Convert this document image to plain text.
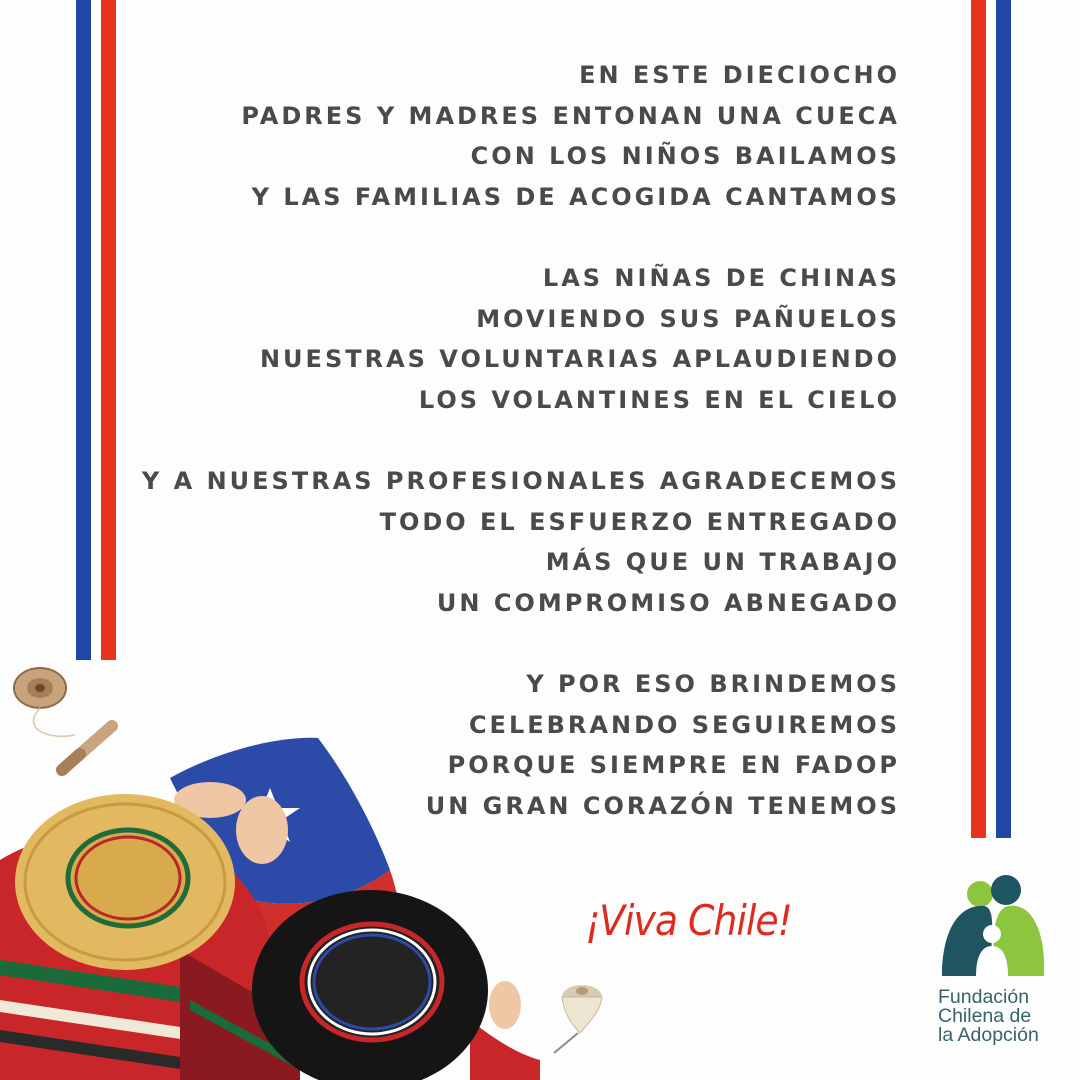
EN ESTE DIECIOCHO
PADRES Y MADRES ENTONAN UNA CUECA
CON LOS NIÑOS BAILAMOS
Y LAS FAMILIAS DE ACOGIDA CANTAMOS
LAS NIÑAS DE CHINAS
MOVIENDO SUS PAÑUELOS
NUESTRAS VOLUNTARIAS APLAUDIENDO
LOS VOLANTINES EN EL CIELO
Y A NUESTRAS PROFESIONALES AGRADECEMOS
TODO EL ESFUERZO ENTREGADO
MÁS QUE UN TRABAJO
UN COMPROMISO ABNEGADO
Y POR ESO BRINDEMOS
CELEBRANDO SEGUIREMOS
PORQUE SIEMPRE EN FADOP
UN GRAN CORAZÓN TENEMOS
¡Viva Chile!
Fundación
Chilena de
la Adopción
